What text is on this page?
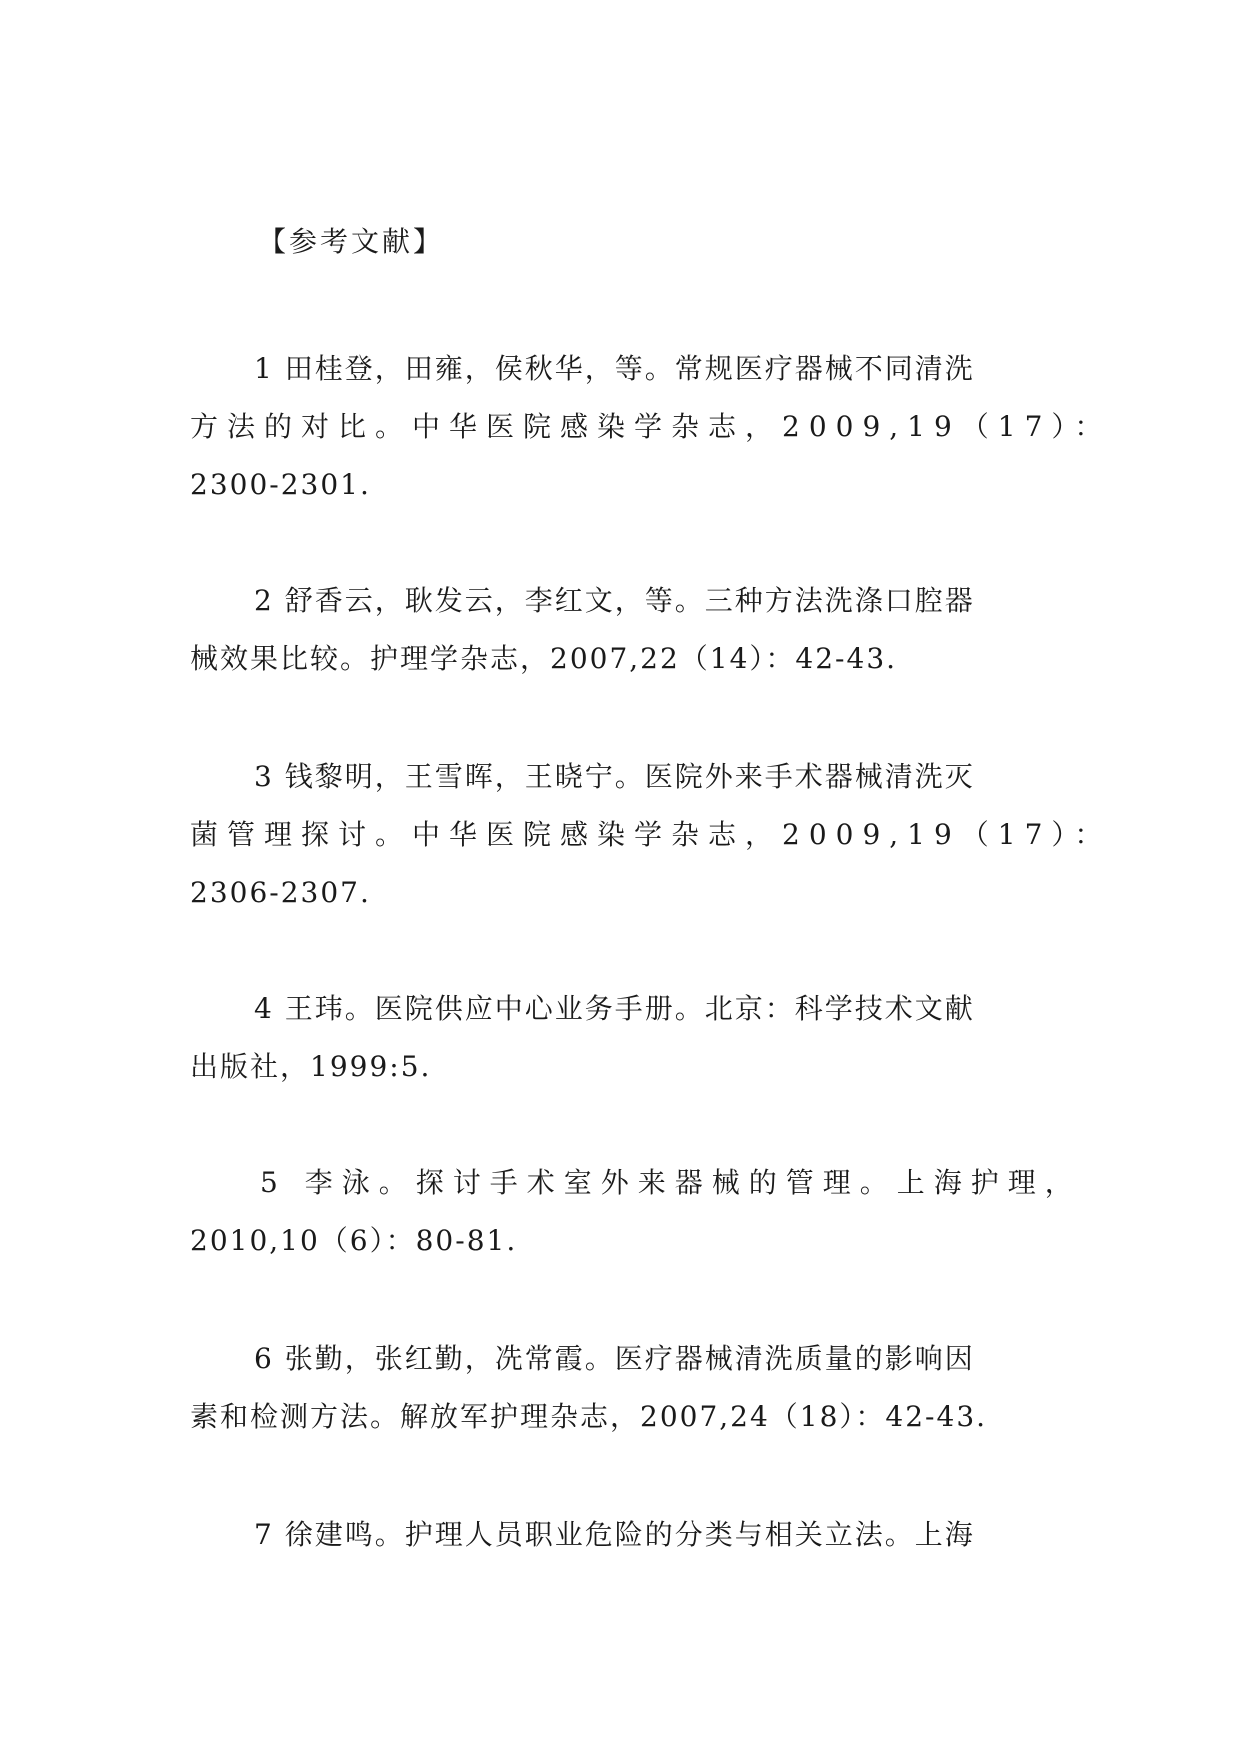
【参考文献】
1 田桂登，田雍，侯秋华，等。常规医疗器械不同清洗
方法的对比。中华医院感染学杂志，2009,19（17）：
2300-2301.
2 舒香云，耿发云，李红文，等。三种方法洗涤口腔器
械效果比较。护理学杂志，2007,22（14）：42-43.
3 钱黎明，王雪晖，王晓宁。医院外来手术器械清洗灭
菌管理探讨。中华医院感染学杂志，2009,19（17）：
2306-2307.
4 王玮。医院供应中心业务手册。北京：科学技术文献
出版社，1999:5.
5 李泳。探讨手术室外来器械的管理。上海护理，
2010,10（6）：80-81.
6 张勤，张红勤，冼常霞。医疗器械清洗质量的影响因
素和检测方法。解放军护理杂志，2007,24（18）：42-43.
7 徐建鸣。护理人员职业危险的分类与相关立法。上海
